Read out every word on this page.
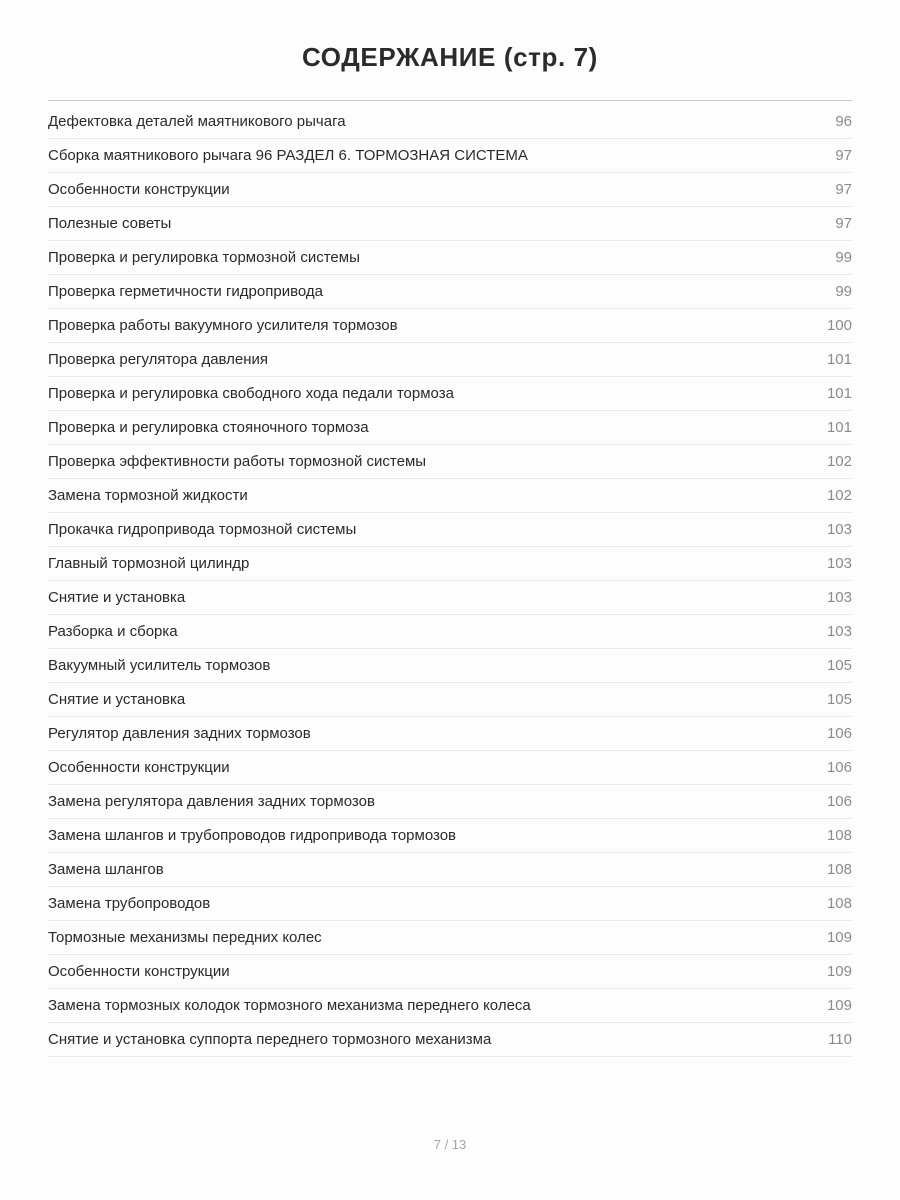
СОДЕРЖАНИЕ (стр. 7)
Дефектовка деталей маятникового рычага	96
Сборка маятникового рычага 96 РАЗДЕЛ 6. ТОРМОЗНАЯ СИСТЕМА	97
Особенности конструкции	97
Полезные советы	97
Проверка и регулировка тормозной системы	99
Проверка герметичности гидропривода	99
Проверка работы вакуумного усилителя тормозов	100
Проверка регулятора давления	101
Проверка и регулировка свободного хода педали тормоза	101
Проверка и регулировка стояночного тормоза	101
Проверка эффективности работы тормозной системы	102
Замена тормозной жидкости	102
Прокачка гидропривода тормозной системы	103
Главный тормозной цилиндр	103
Снятие и установка	103
Разборка и сборка	103
Вакуумный усилитель тормозов	105
Снятие и установка	105
Регулятор давления задних тормозов	106
Особенности конструкции	106
Замена регулятора давления задних тормозов	106
Замена шлангов и трубопроводов гидропривода тормозов	108
Замена шлангов	108
Замена трубопроводов	108
Тормозные механизмы передних колес	109
Особенности конструкции	109
Замена тормозных колодок тормозного механизма переднего колеса	109
Снятие и установка суппорта переднего тормозного механизма	110
7 / 13
